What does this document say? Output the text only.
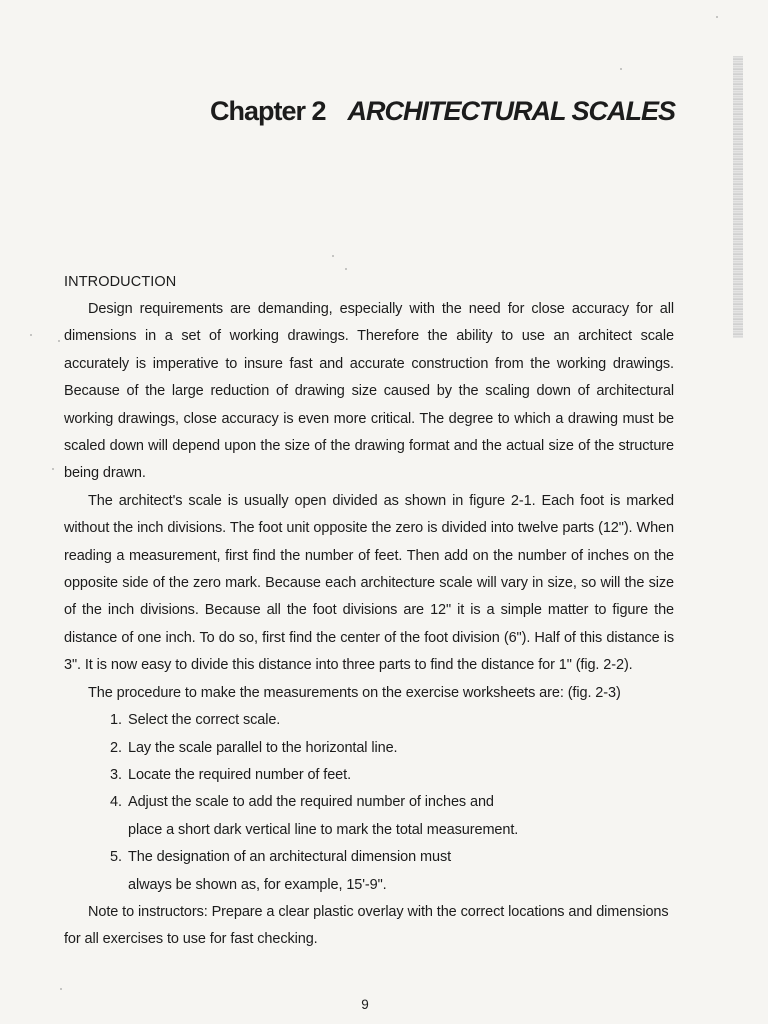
Chapter 2 ARCHITECTURAL SCALES
INTRODUCTION

Design requirements are demanding, especially with the need for close accuracy for all dimensions in a set of working drawings. Therefore the ability to use an architect scale accurately is imperative to insure fast and accurate construction from the working drawings. Because of the large reduction of drawing size caused by the scaling down of architectural working drawings, close accuracy is even more critical. The degree to which a drawing must be scaled down will depend upon the size of the drawing format and the actual size of the structure being drawn.

The architect's scale is usually open divided as shown in figure 2-1. Each foot is marked without the inch divisions. The foot unit opposite the zero is divided into twelve parts (12"). When reading a measurement, first find the number of feet. Then add on the number of inches on the opposite side of the zero mark. Because each architecture scale will vary in size, so will the size of the inch divisions. Because all the foot divisions are 12" it is a simple matter to figure the distance of one inch. To do so, first find the center of the foot division (6"). Half of this distance is 3". It is now easy to divide this distance into three parts to find the distance for 1" (fig. 2-2).

The procedure to make the measurements on the exercise worksheets are: (fig. 2-3)

1. Select the correct scale.
2. Lay the scale parallel to the horizontal line.
3. Locate the required number of feet.
4. Adjust the scale to add the required number of inches and
place a short dark vertical line to mark the total measurement.
5. The designation of an architectural dimension must
always be shown as, for example, 15'-9".

Note to instructors: Prepare a clear plastic overlay with the correct locations and dimensions for all exercises to use for fast checking.

9
